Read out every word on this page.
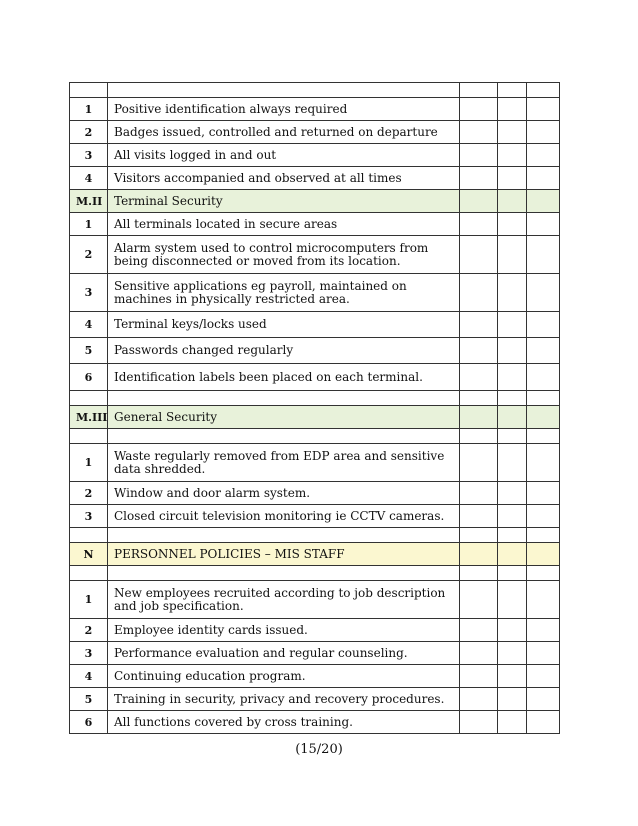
1	Positive identification always required			
2	Badges issued, controlled and returned on departure			
3	All visits logged in and out			
4	Visitors accompanied and observed at all times			
M.II	Terminal Security			
1	All terminals located in secure areas			
2	Alarm system used to control microcomputers from being disconnected or moved from its location.			
3	Sensitive applications eg payroll, maintained on machines in physically restricted area.			
4	Terminal keys/locks used			
5	Passwords changed regularly			
6	Identification labels been placed on each terminal.			

M.III	General Security			

1	Waste regularly removed from EDP area and sensitive data shredded.			
2	Window and door alarm system.			
3	Closed circuit television monitoring ie CCTV cameras.			

N	PERSONNEL POLICIES – MIS STAFF			

1	New employees recruited according to job description and job specification.			
2	Employee identity cards issued.			
3	Performance evaluation and regular counseling.			
4	Continuing education program.			
5	Training in security, privacy and recovery procedures.			
6	All functions covered by cross training.			
(15/20)
